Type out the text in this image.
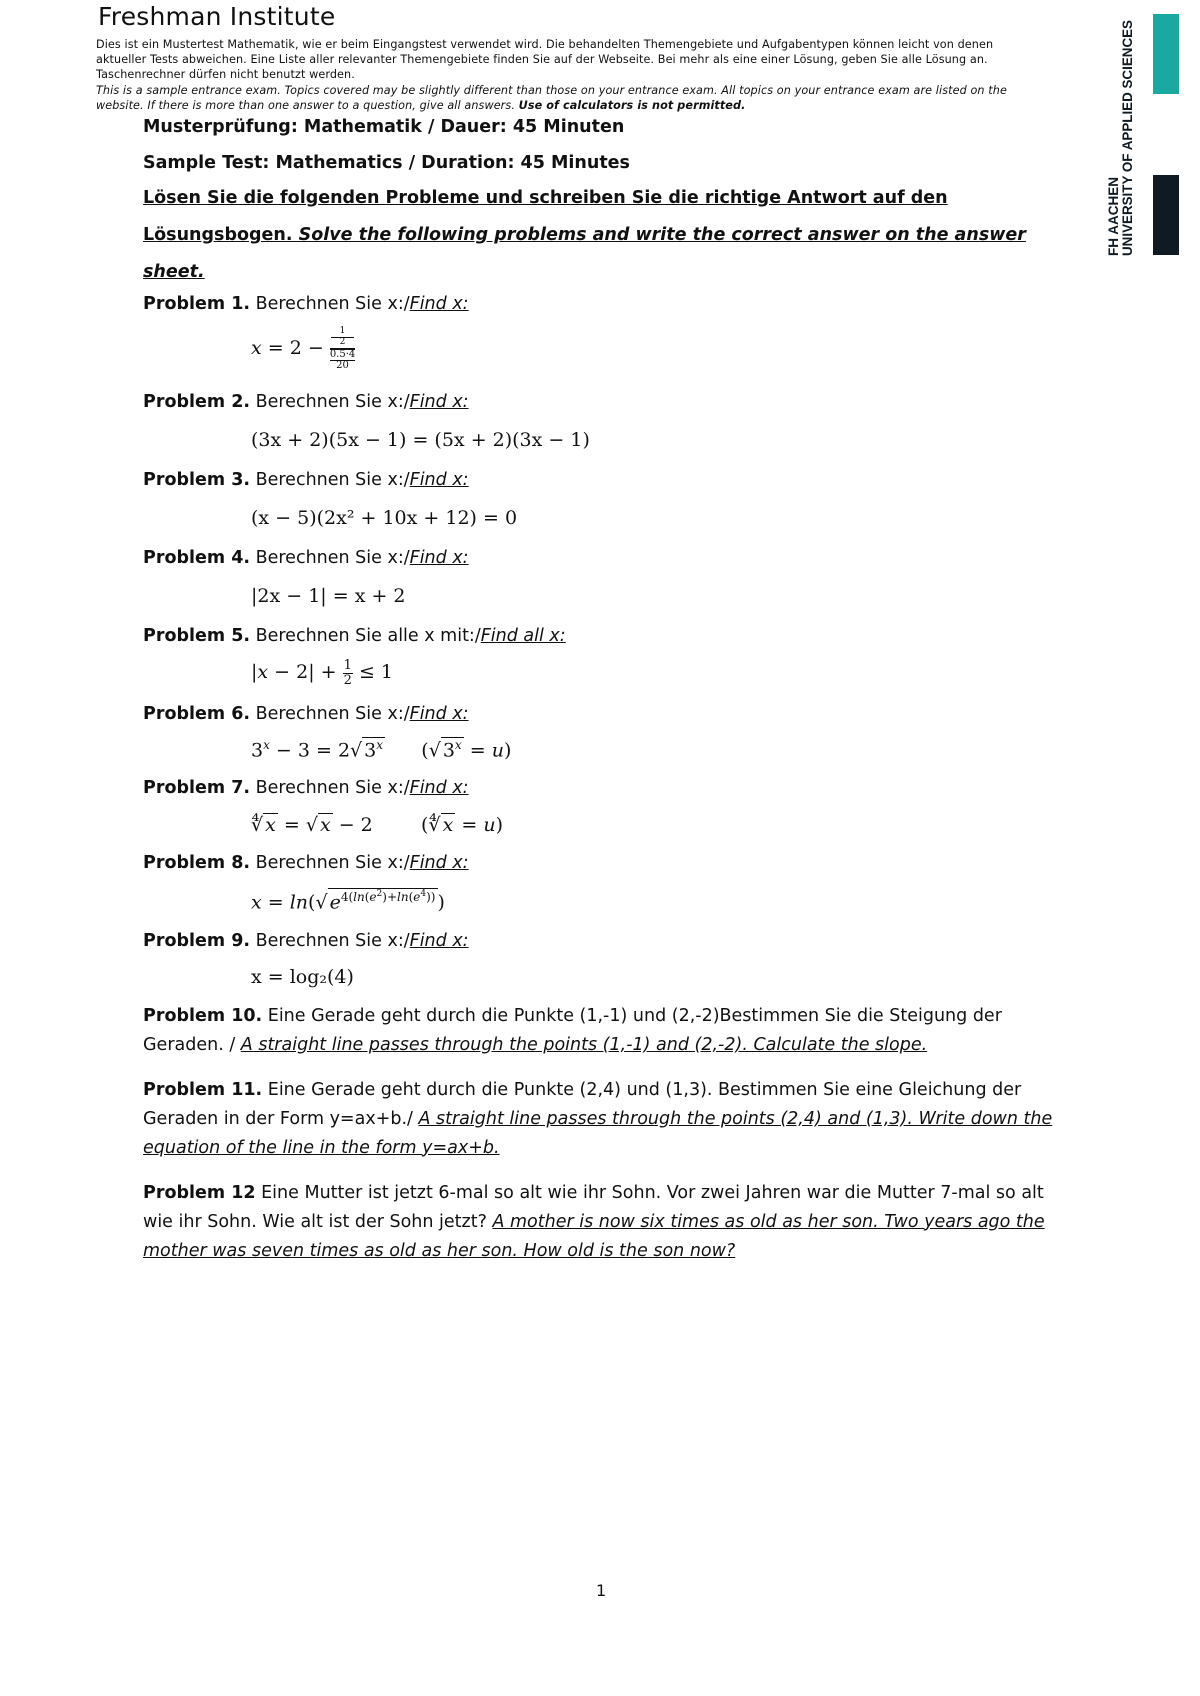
Freshman Institute
Dies ist ein Mustertest Mathematik, wie er beim Eingangstest verwendet wird. Die behandelten Themengebiete und Aufgabentypen können leicht von denen aktueller Tests abweichen. Eine Liste aller relevanter Themengebiete finden Sie auf der Webseite. Bei mehr als eine einer Lösung, geben Sie alle Lösung an. Taschenrechner dürfen nicht benutzt werden.
This is a sample entrance exam. Topics covered may be slightly different than those on your entrance exam. All topics on your entrance exam are listed on the website. If there is more than one answer to a question, give all answers. Use of calculators is not permitted.
FH AACHEN UNIVERSITY OF APPLIED SCIENCES
Musterprüfung: Mathematik / Dauer: 45 Minuten
Sample Test: Mathematics / Duration: 45 Minutes
Lösen Sie die folgenden Probleme und schreiben Sie die richtige Antwort auf den
Lösungsbogen. Solve the following problems and write the correct answer on the answer sheet.
Problem 1. Berechnen Sie x:/Find x:
x = 2 −
1
2
0.5·4
20
Problem 2. Berechnen Sie x:/Find x:
(3x + 2)(5x − 1) = (5x + 2)(3x − 1)
Problem 3. Berechnen Sie x:/Find x:
(x − 5)(2x² + 10x + 12) = 0
Problem 4. Berechnen Sie x:/Find x:
|2x − 1| = x + 2
Problem 5. Berechnen Sie alle x mit:/Find all x:
$|x - 2| + \frac{1}{2} \le 1$
Problem 6. Berechnen Sie x:/Find x:
$3^x - 3 = 2√$ 3$^x$      (√ $3^x = u$)
Problem 7. Berechnen Sie x:/Find x:
∜ x = √ x − 2        (∜ x = u)
Problem 8. Berechnen Sie x:/Find x:
x = ln(√ $e^{4(ln(e^2)+ln(e^4))}$ )
Problem 9. Berechnen Sie x:/Find x:
x = log₂(4)
Problem 10. Eine Gerade geht durch die Punkte (1,-1) und (2,-2)Bestimmen Sie die Steigung der Geraden. / A straight line passes through the points (1,-1) and (2,-2). Calculate the slope.
Problem 11. Eine Gerade geht durch die Punkte (2,4) und (1,3). Bestimmen Sie eine Gleichung der Geraden in der Form y=ax+b./ A straight line passes through the points (2,4) and (1,3). Write down the equation of the line in the form y=ax+b.
Problem 12 Eine Mutter ist jetzt 6-mal so alt wie ihr Sohn. Vor zwei Jahren war die Mutter 7-mal so alt wie ihr Sohn. Wie alt ist der Sohn jetzt? A mother is now six times as old as her son. Two years ago the mother was seven times as old as her son. How old is the son now?
1
